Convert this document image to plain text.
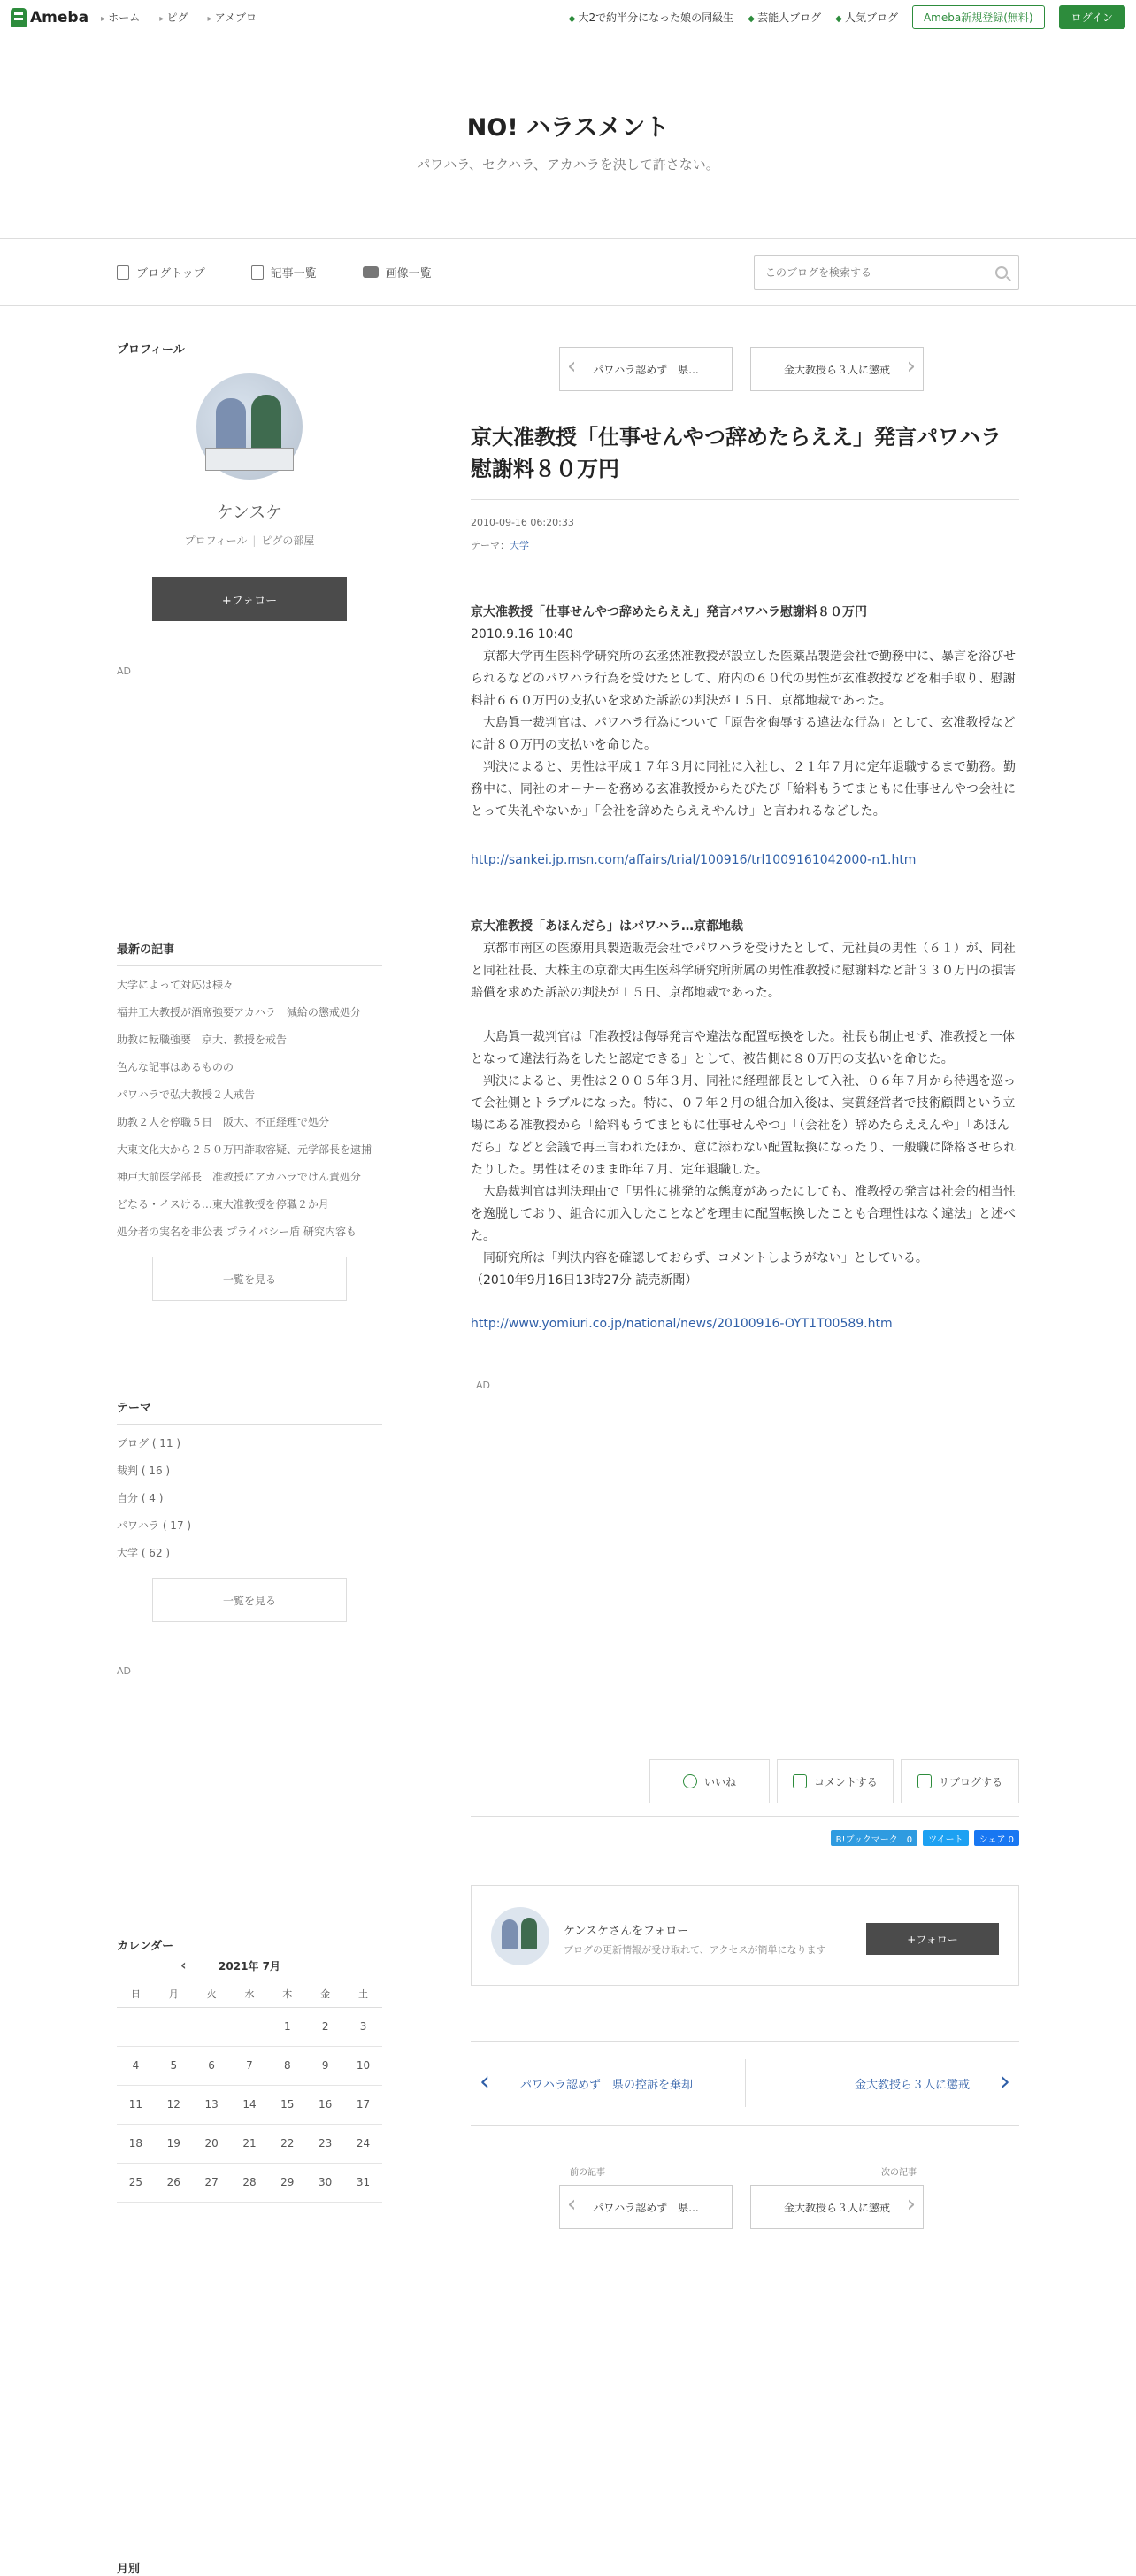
Ameba	▸ ホーム	▸ ピグ	▸ アメブロ	◆ 大2で約半分になった娘の同級生	◆ 芸能人ブログ	◆ 人気ブログ	Ameba新規登録(無料)	ログイン
NO! ハラスメント
パワハラ、セクハラ、アカハラを決して許さない。
ブログトップ	記事一覧	画像一覧
このブログを検索する
プロフィール
ケンスケ
プロフィール | ピグの部屋
+フォロー
AD
最新の記事
大学によって対応は様々
福井工大教授が酒席強要アカハラ　減給の懲戒処分
助教に転職強要　京大、教授を戒告
色んな記事はあるものの
パワハラで弘大教授２人戒告
助教２人を停職５日　阪大、不正経理で処分
大東文化大から２５０万円詐取容疑、元学部長を逮捕
神戸大前医学部長　准教授にアカハラでけん責処分
どなる・イスける…東大准教授を停職２か月
処分者の実名を非公表 プライバシー盾 研究内容も
一覧を見る
テーマ
ブログ ( 11 )
裁判 ( 16 )
自分 ( 4 )
パワハラ ( 17 )
大学 ( 62 )
一覧を見る
AD
カレンダー
‹	2021年 7月
日	月	火	水	木	金	土
				1	2	3
4	5	6	7	8	9	10
11	12	13	14	15	16	17
18	19	20	21	22	23	24
25	26	27	28	29	30	31
月別
‹ パワハラ認めず　県...	金大教授ら３人に懲戒 ›
京大准教授「仕事せんやつ辞めたらええ」発言パワハラ慰謝料８０万円
2010-09-16 06:20:33
テーマ：大学

京大准教授「仕事せんやつ辞めたらええ」発言パワハラ慰謝料８０万円

2010.9.16 10:40

　京都大学再生医科学研究所の玄丞烋准教授が設立した医薬品製造会社で勤務中に、暴言を浴びせられるなどのパワハラ行為を受けたとして、府内の６０代の男性が玄准教授などを相手取り、慰謝料計６６０万円の支払いを求めた訴訟の判決が１５日、京都地裁であった。
　大島眞一裁判官は、パワハラ行為について「原告を侮辱する違法な行為」として、玄准教授などに計８０万円の支払いを命じた。
　判決によると、男性は平成１７年３月に同社に入社し、２１年７月に定年退職するまで勤務。勤務中に、同社のオーナーを務める玄准教授からたびたび「給料もうてまともに仕事せんやつ会社にとって失礼やないか」「会社を辞めたらええやんけ」と言われるなどした。

http://sankei.jp.msn.com/affairs/trial/100916/trl1009161042000-n1.htm

京大准教授「あほんだら」はパワハラ…京都地裁

　京都市南区の医療用具製造販売会社でパワハラを受けたとして、元社員の男性（６１）が、同社と同社社長、大株主の京都大再生医科学研究所所属の男性准教授に慰謝料など計３３０万円の損害賠償を求めた訴訟の判決が１５日、京都地裁であった。

　大島眞一裁判官は「准教授は侮辱発言や違法な配置転換をした。社長も制止せず、准教授と一体となって違法行為をしたと認定できる」として、被告側に８０万円の支払いを命じた。
　判決によると、男性は２００５年３月、同社に経理部長として入社、０６年７月から待遇を巡って会社側とトラブルになった。特に、０７年２月の組合加入後は、実質経営者で技術顧問という立場にある准教授から「給料もうてまともに仕事せんやつ」「（会社を）辞めたらええんや」「あほんだら」などと会議で再三言われたほか、意に添わない配置転換になったり、一般職に降格させられたりした。男性はそのまま昨年７月、定年退職した。
　大島裁判官は判決理由で「男性に挑発的な態度があったにしても、准教授の発言は社会的相当性を逸脱しており、組合に加入したことなどを理由に配置転換したことも合理性はなく違法」と述べた。
　同研究所は「判決内容を確認しておらず、コメントしようがない」としている。
（2010年9月16日13時27分 読売新聞）

http://www.yomiuri.co.jp/national/news/20100916-OYT1T00589.htm
AD
いいね	コメントする	リブログする
B!ブックマーク　0	ツイート	シェア 0
ケンスケさんをフォロー
ブログの更新情報が受け取れて、アクセスが簡単になります
+フォロー
‹ パワハラ認めず　県の控訴を棄却	金大教授ら３人に懲戒 ›
前の記事	次の記事
‹ パワハラ認めず　県...	金大教授ら３人に懲戒 ›
